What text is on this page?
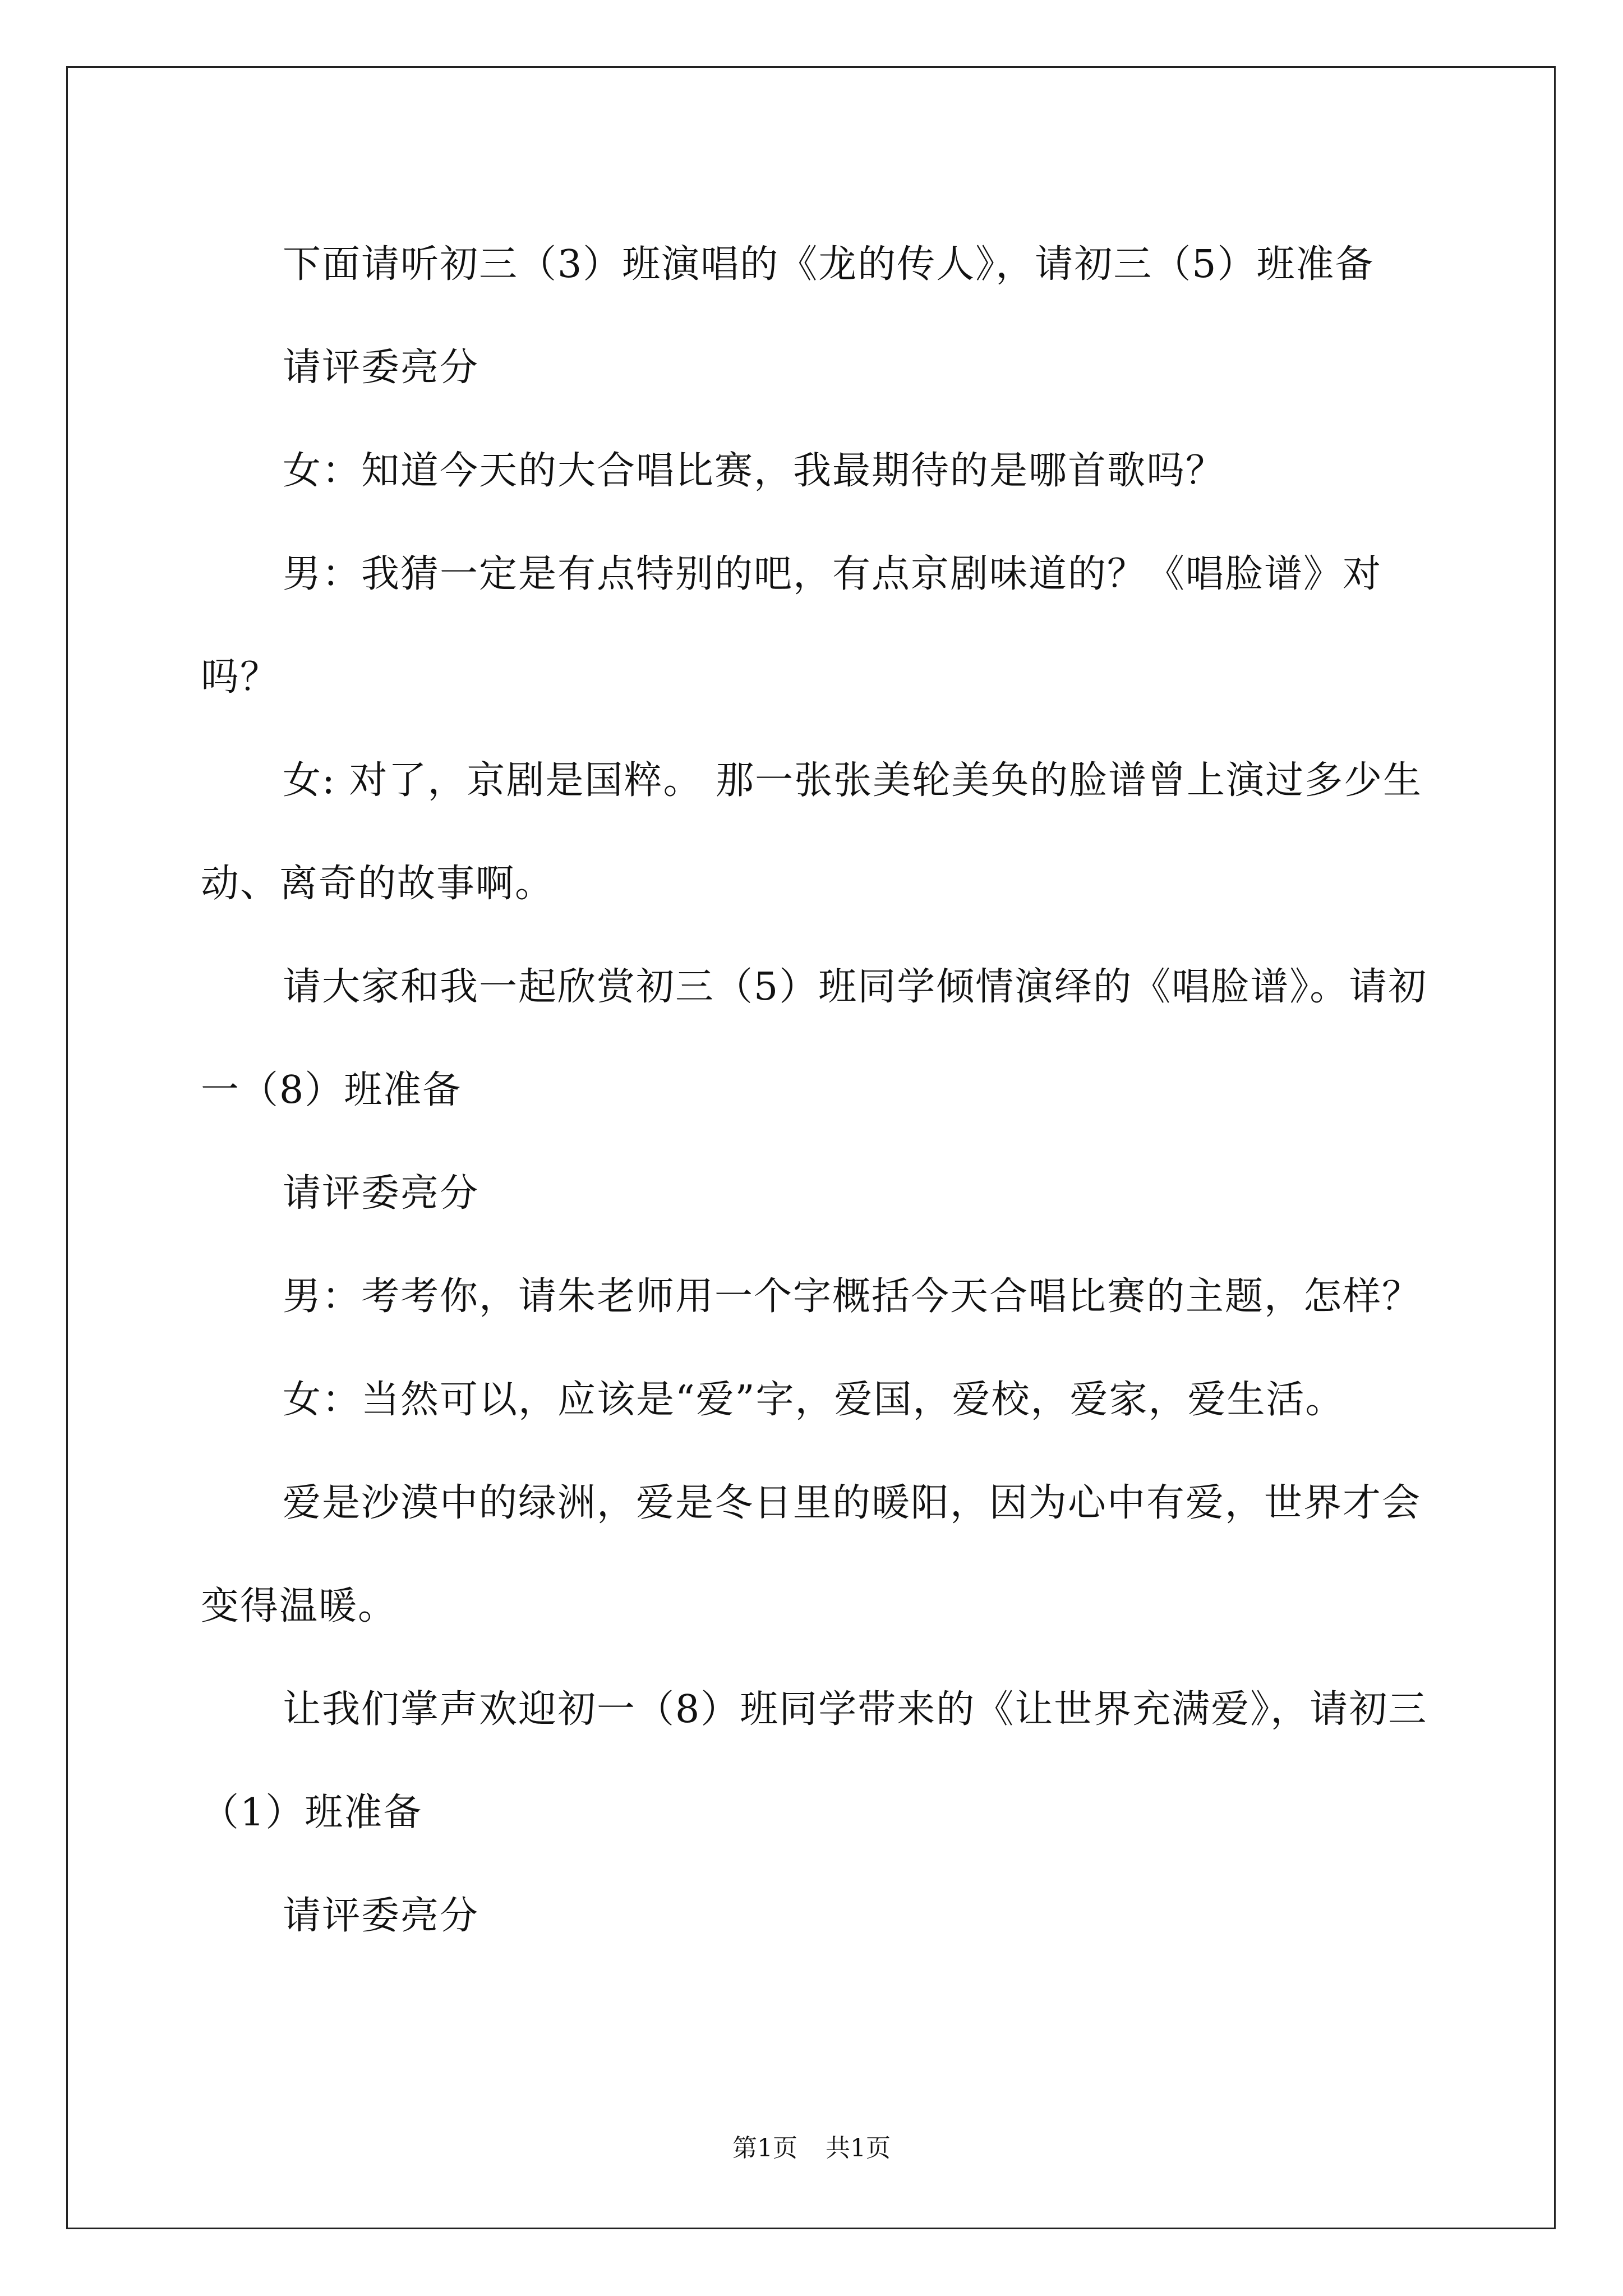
下面请听初三（3）班演唱的《龙的传人》，请初三（5）班准备

请评委亮分

女：知道今天的大合唱比赛，我最期待的是哪首歌吗？

男：我猜一定是有点特别的吧，有点京剧味道的？《唱脸谱》对吗？

女: 对了，京剧是国粹。 那一张张美轮美奂的脸谱曾上演过多少生动、离奇的故事啊。

请大家和我一起欣赏初三（5）班同学倾情演绎的《唱脸谱》。请初一（8）班准备

请评委亮分

男：考考你，请朱老师用一个字概括今天合唱比赛的主题，怎样？

女：当然可以，应该是“爱”字，爱国，爱校，爱家，爱生活。

爱是沙漠中的绿洲，爱是冬日里的暖阳，因为心中有爱，世界才会变得温暖。

让我们掌声欢迎初一（8）班同学带来的《让世界充满爱》，请初三（1）班准备

请评委亮分

第1页 共1页
